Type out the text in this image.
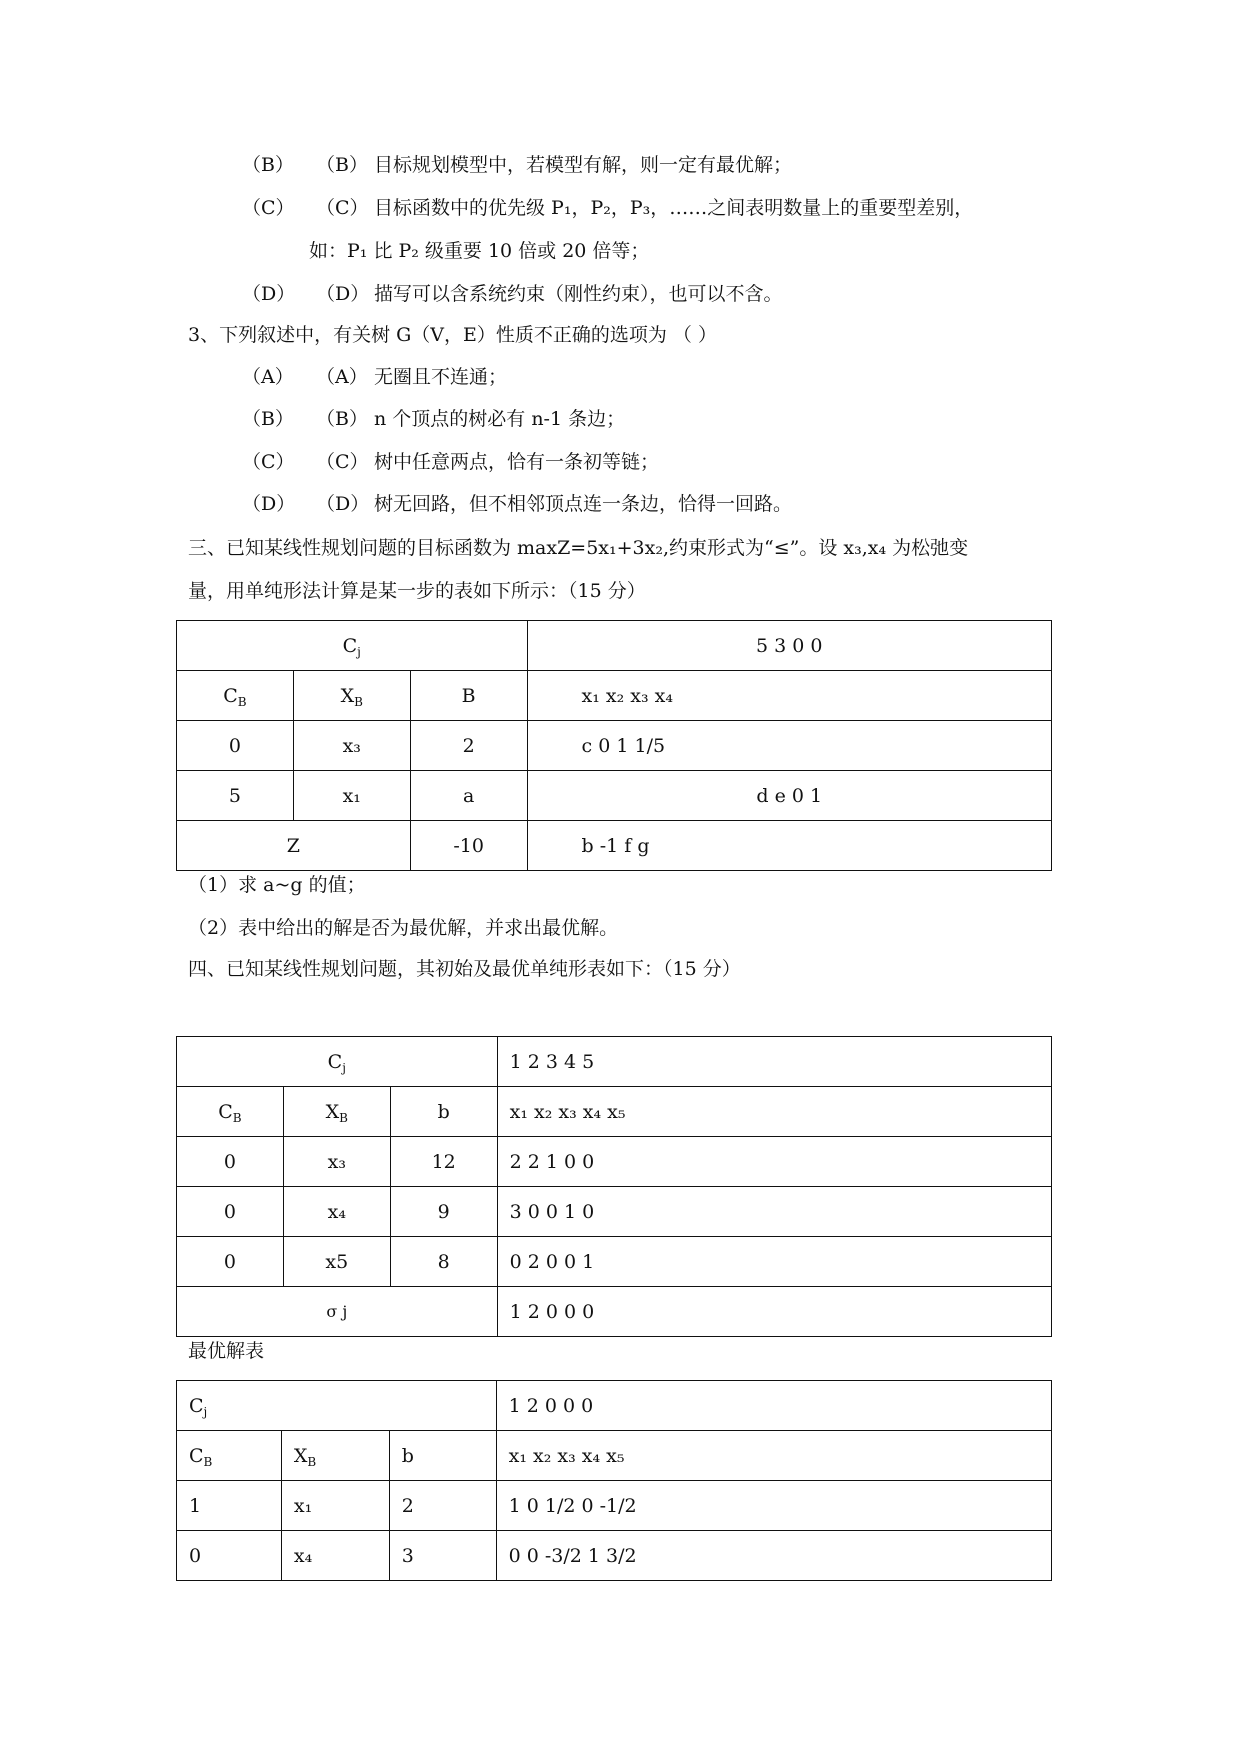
（B） （B） 目标规划模型中，若模型有解，则一定有最优解；
（C） （C） 目标函数中的优先级 P₁，P₂，P₃，……之间表明数量上的重要型差别，
如：P₁ 比 P₂ 级重要 10 倍或 20 倍等；
（D） （D） 描写可以含系统约束（刚性约束），也可以不含。
3、下列叙述中，有关树 G（V，E）性质不正确的选项为 （ ）
（A） （A） 无圈且不连通；
（B） （B） n 个顶点的树必有 n-1 条边；
（C） （C） 树中任意两点，恰有一条初等链；
（D） （D） 树无回路，但不相邻顶点连一条边，恰得一回路。
三、已知某线性规划问题的目标函数为 maxZ=5x₁+3x₂,约束形式为“≤”。设 x₃,x₄ 为松弛变
量，用单纯形法计算是某一步的表如下所示：（15 分）
$C_j$			5 3 0 0
$C_B$	$X_B$	B	x₁ x₂ x₃ x₄
0	x₃	2	c 0 1 1/5
5	x₁	a	d e 0 1
Z		-10	b -1 f g
（1）求 a~g 的值；
（2）表中给出的解是否为最优解，并求出最优解。
四、已知某线性规划问题，其初始及最优单纯形表如下：（15 分）
$C_j$			1 2 3 4 5
$C_B$	$X_B$	b	x₁ x₂ x₃ x₄ x₅
0	x₃	12	2 2 1 0 0
0	x₄	9	3 0 0 1 0
0	x5	8	0 2 0 0 1
σ j			1 2 0 0 0
最优解表
$C_j$			1 2 0 0 0
$C_B$	$X_B$	b	x₁ x₂ x₃ x₄ x₅
1	x₁	2	1 0 1/2 0 -1/2
0	x₄	3	0 0 -3/2 1 3/2
